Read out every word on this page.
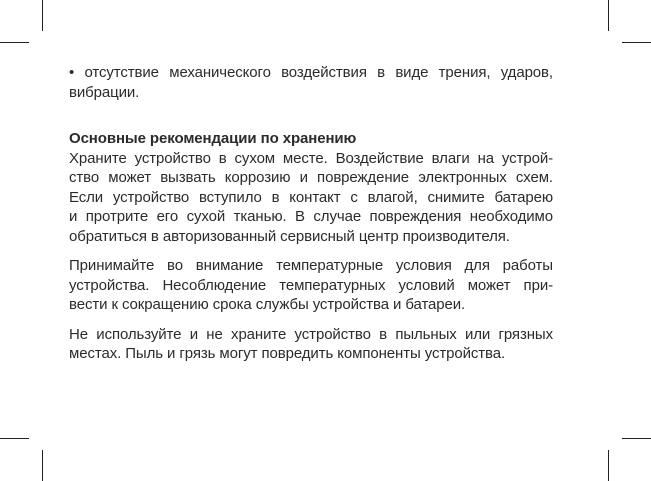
• отсутствие механического воздействия в виде трения, ударов,
вибрации.

Основные рекомендации по хранению

Храните устройство в сухом месте. Воздействие влаги на устрой-
ство может вызвать коррозию и повреждение электронных схем.
Если устройство вступило в контакт с влагой, снимите батарею
и протрите его сухой тканью. В случае повреждения необходимо
обратиться в авторизованный сервисный центр производителя.

Принимайте во внимание температурные условия для работы
устройства. Несоблюдение температурных условий может при-
вести к сокращению срока службы устройства и батареи.

Не используйте и не храните устройство в пыльных или грязных
местах. Пыль и грязь могут повредить компоненты устройства.
